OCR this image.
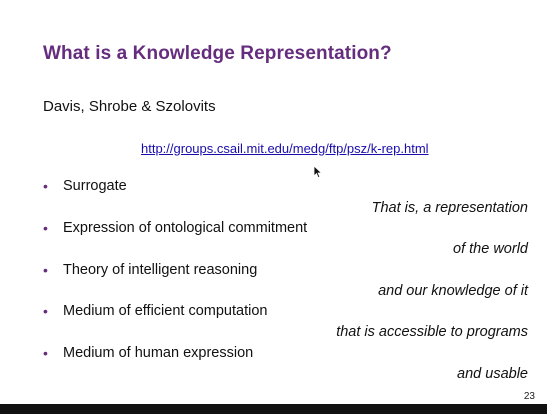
What is a Knowledge Representation?
Davis, Shrobe & Szolovits
http://groups.csail.mit.edu/medg/ftp/psz/k-rep.html
• Surrogate
That is, a representation
• Expression of ontological commitment
of the world
• Theory of intelligent reasoning
and our knowledge of it
• Medium of efficient computation
that is accessible to programs
• Medium of human expression
and usable
23
